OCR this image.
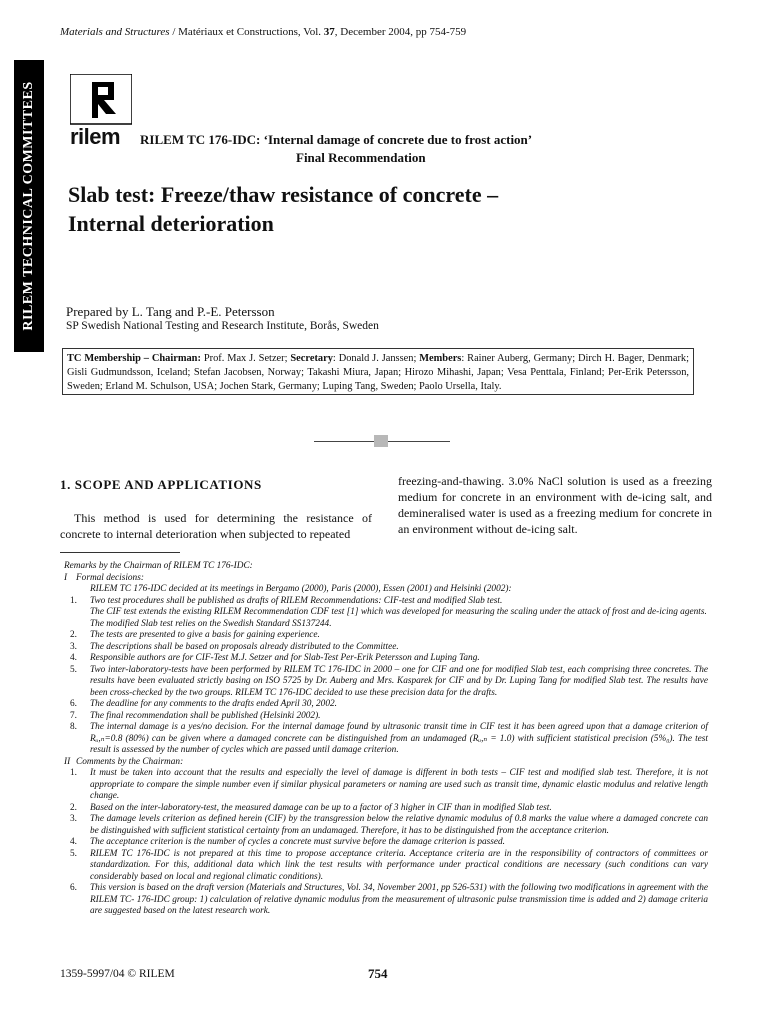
Materials and Structures / Matériaux et Constructions, Vol. 37, December 2004, pp 754-759
RILEM TECHNICAL COMMITTEES rilem RILEM TC 176-IDC: ‘Internal damage of concrete due to frost action’
Final Recommendation
Slab test: Freeze/thaw resistance of concrete –
Internal deterioration
Prepared by L. Tang and P.-E. Petersson
SP Swedish National Testing and Research Institute, Borås, Sweden
TC Membership – Chairman: Prof. Max J. Setzer; Secretary: Donald J. Janssen; Members: Rainer Auberg, Germany; Dirch H. Bager, Denmark; Gisli Gudmundsson, Iceland; Stefan Jacobsen, Norway; Takashi Miura, Japan; Hirozo Mihashi, Japan; Vesa Penttala, Finland; Per-Erik Petersson, Sweden; Erland M. Schulson, USA; Jochen Stark, Germany; Luping Tang, Sweden; Paolo Ursella, Italy.
1. SCOPE AND APPLICATIONS

This method is used for determining the resistance of concrete to internal deterioration when subjected to repeated

freezing-and-thawing. 3.0% NaCl solution is used as a freezing medium for concrete in an environment with de-icing salt, and demineralised water is used as a freezing medium for concrete in an environment without de-icing salt.

Remarks by the Chairman of RILEM TC 176-IDC:
I Formal decisions:
RILEM TC 176-IDC decided at its meetings in Bergamo (2000), Paris (2000), Essen (2001) and Helsinki (2002):
1.	Two test procedures shall be published as drafts of RILEM Recommendations: CIF-test and modified Slab test.
The CIF test extends the existing RILEM Recommendation CDF test [1] which was developed for measuring the scaling under the attack of frost and de-icing agents.
The modified Slab test relies on the Swedish Standard SS137244.
2.	The tests are presented to give a basis for gaining experience.
3.	The descriptions shall be based on proposals already distributed to the Committee.
4.	Responsible authors are for CIF-Test M.J. Setzer and for Slab-Test Per-Erik Petersson and Luping Tang.
5.	Two inter-laboratory-tests have been performed by RILEM TC 176-IDC in 2000 – one for CIF and one for modified Slab test, each comprising three concretes. The results have been evaluated strictly basing on ISO 5725 by Dr. Auberg and Mrs. Kasparek for CIF and by Dr. Luping Tang for modified Slab test. The results have been cross-checked by the two groups. RILEM TC 176-IDC decided to use these precision data for the drafts.
6.	The deadline for any comments to the drafts ended April 30, 2002.
7.	The final recommendation shall be published (Helsinki 2002).
8.	The internal damage is a yes/no decision. For the internal damage found by ultrasonic transit time in CIF test it has been agreed upon that a damage criterion of Rᵤ,ₙ=0.8 (80%) can be given where a damaged concrete can be distinguished from an undamaged (Rᵤ,ₙ = 1.0) with sufficient statistical precision (5%₀). The test result is assessed by the number of cycles which are passed until damage criterion.
II Comments by the Chairman:
1.	It must be taken into account that the results and especially the level of damage is different in both tests – CIF test and modified slab test. Therefore, it is not appropriate to compare the simple number even if similar physical parameters or naming are used such as transit time, dynamic elastic modulus and relative length change.
2.	Based on the inter-laboratory-test, the measured damage can be up to a factor of 3 higher in CIF than in modified Slab test.
3.	The damage levels criterion as defined herein (CIF) by the transgression below the relative dynamic modulus of 0.8 marks the value where a damaged concrete can be distinguished with sufficient statistical certainty from an undamaged. Therefore, it has to be distinguished from the acceptance criterion.
4.	The acceptance criterion is the number of cycles a concrete must survive before the damage criterion is passed.
5.	RILEM TC 176-IDC is not prepared at this time to propose acceptance criteria. Acceptance criteria are in the responsibility of contractors of committees or standardization. For this, additional data which link the test results with performance under practical conditions are necessary (such conditions can vary considerably based on local and regional climatic conditions).
6.	This version is based on the draft version (Materials and Structures, Vol. 34, November 2001, pp 526-531) with the following two modifications in agreement with the RILEM TC- 176-IDC group: 1) calculation of relative dynamic modulus from the measurement of ultrasonic pulse transmission time is added and 2) damage criteria are suggested based on the latest research work.
1359-5997/04 © RILEM	754
